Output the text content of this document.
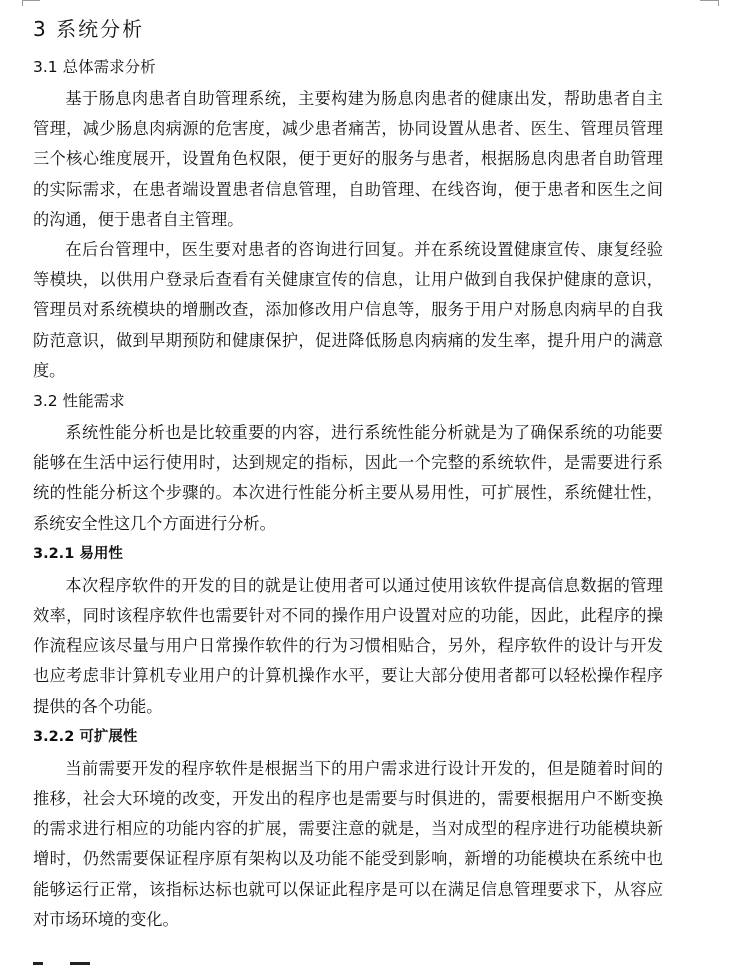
3 系统分析
3.1 总体需求分析

基于肠息肉患者自助管理系统，主要构建为肠息肉患者的健康出发，帮助患者自主管理，减少肠息肉病源的危害度，减少患者痛苦，协同设置从患者、医生、管理员管理三个核心维度展开，设置角色权限，便于更好的服务与患者，根据肠息肉患者自助管理的实际需求，在患者端设置患者信息管理，自助管理、在线咨询，便于患者和医生之间的沟通，便于患者自主管理。

在后台管理中，医生要对患者的咨询进行回复。并在系统设置健康宣传、康复经验等模块，以供用户登录后查看有关健康宣传的信息，让用户做到自我保护健康的意识，管理员对系统模块的增删改查，添加修改用户信息等，服务于用户对肠息肉病早的自我防范意识，做到早期预防和健康保护，促进降低肠息肉病痛的发生率，提升用户的满意度。

3.2 性能需求

系统性能分析也是比较重要的内容，进行系统性能分析就是为了确保系统的功能要能够在生活中运行使用时，达到规定的指标，因此一个完整的系统软件，是需要进行系统的性能分析这个步骤的。本次进行性能分析主要从易用性，可扩展性，系统健壮性，系统安全性这几个方面进行分析。

3.2.1 易用性

本次程序软件的开发的目的就是让使用者可以通过使用该软件提高信息数据的管理效率，同时该程序软件也需要针对不同的操作用户设置对应的功能，因此，此程序的操作流程应该尽量与用户日常操作软件的行为习惯相贴合，另外，程序软件的设计与开发也应考虑非计算机专业用户的计算机操作水平，要让大部分使用者都可以轻松操作程序提供的各个功能。

3.2.2 可扩展性

当前需要开发的程序软件是根据当下的用户需求进行设计开发的，但是随着时间的推移，社会大环境的改变，开发出的程序也是需要与时俱进的，需要根据用户不断变换的需求进行相应的功能内容的扩展，需要注意的就是，当对成型的程序进行功能模块新增时，仍然需要保证程序原有架构以及功能不能受到影响，新增的功能模块在系统中也能够运行正常，该指标达标也就可以保证此程序是可以在满足信息管理要求下，从容应对市场环境的变化。
